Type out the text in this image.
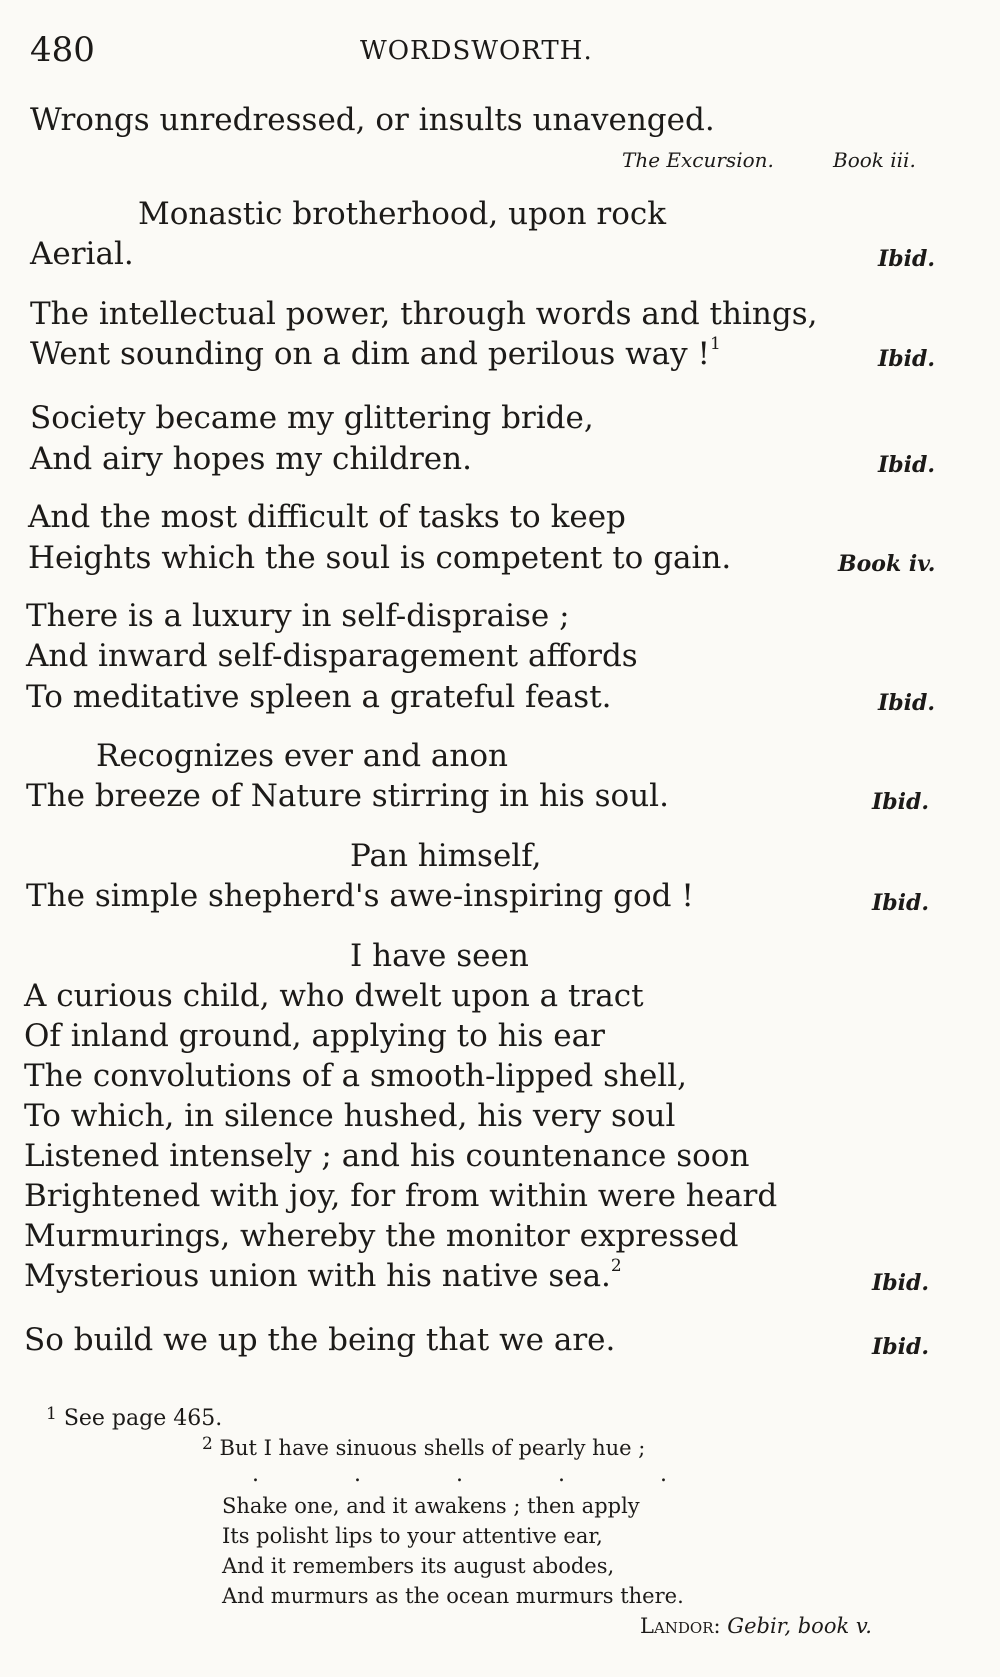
480	WORDSWORTH.
Wrongs unredressed, or insults unavenged.
The Excursion.	Book iii.
Monastic brotherhood, upon rock
Aerial.	Ibid.
The intellectual power, through words and things,
Went sounding on a dim and perilous way !$^1$
Ibid.
Society became my glittering bride,
And airy hopes my children.	Ibid.
And the most difficult of tasks to keep
Heights which the soul is competent to gain.	Book iv.
There is a luxury in self-dispraise ;
And inward self-disparagement affords
To meditative spleen a grateful feast.	Ibid.
Recognizes ever and anon
The breeze of Nature stirring in his soul.	Ibid.
Pan himself,
The simple shepherd's awe-inspiring god !	Ibid.
I have seen
A curious child, who dwelt upon a tract
Of inland ground, applying to his ear
The convolutions of a smooth-lipped shell,
To which, in silence hushed, his very soul
Listened intensely ; and his countenance soon
Brightened with joy, for from within were heard
Murmurings, whereby the monitor expressed
Mysterious union with his native sea.$^2$
Ibid.
So build we up the being that we are.	Ibid.
$^1$ See page 465.
$^2$ But I have sinuous shells of pearly hue ;
. . . . .
Shake one, and it awakens ; then apply
Its polisht lips to your attentive ear,
And it remembers its august abodes,
And murmurs as the ocean murmurs there.
Landor: Gebir, book v.
